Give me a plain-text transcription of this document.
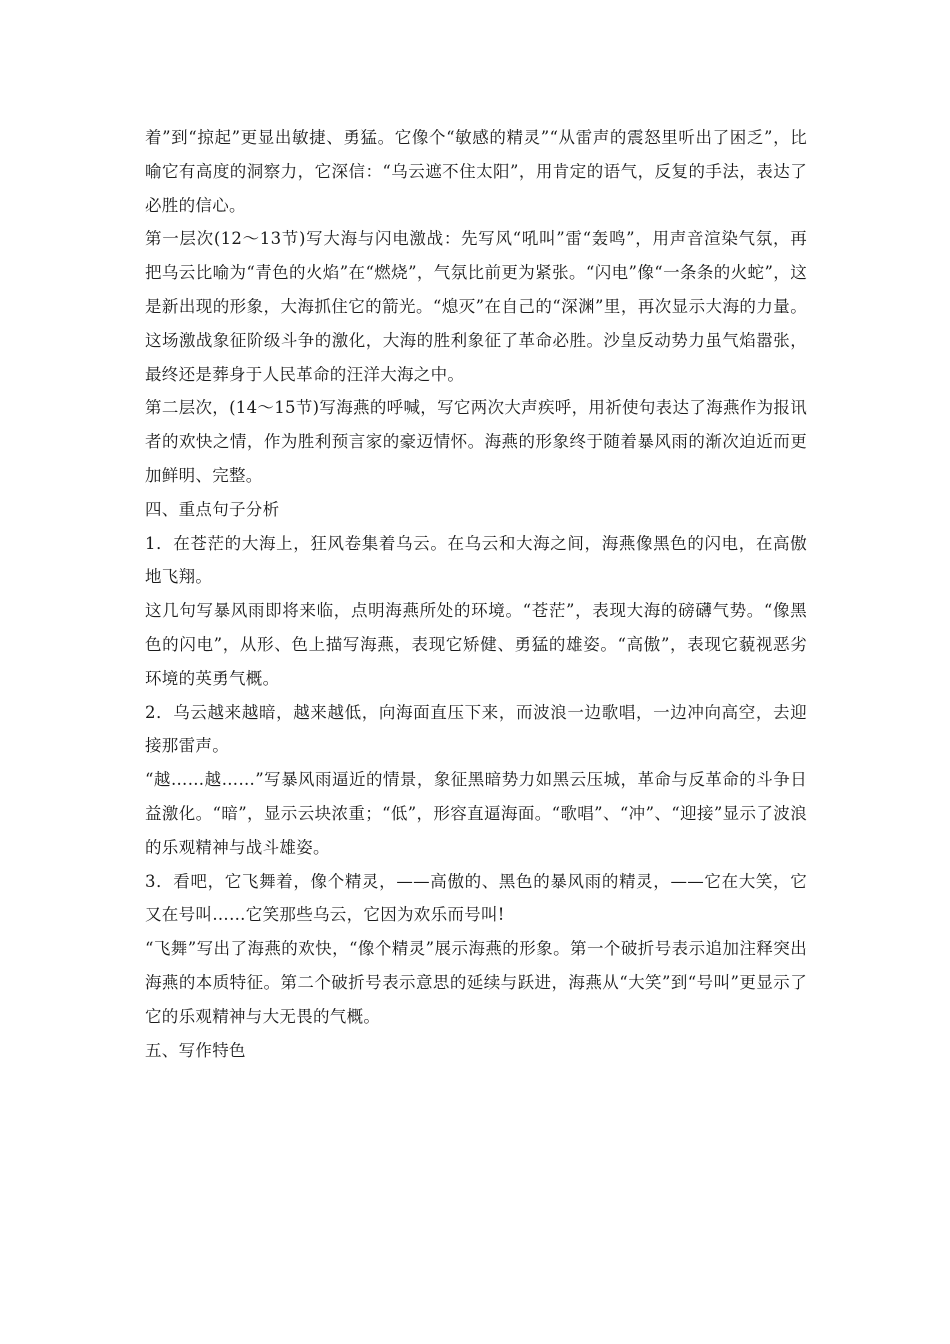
着”到“掠起”更显出敏捷、勇猛。它像个“敏感的精灵”“从雷声的震怒里听出了困乏”，比喻它有高度的洞察力，它深信：“乌云遮不住太阳”，用肯定的语气，反复的手法，表达了必胜的信心。

第一层次(12～13节)写大海与闪电激战：先写风“吼叫”雷“轰鸣”，用声音渲染气氛，再把乌云比喻为“青色的火焰”在“燃烧”，气氛比前更为紧张。“闪电”像“一条条的火蛇”，这是新出现的形象，大海抓住它的箭光。“熄灭”在自己的“深渊”里，再次显示大海的力量。这场激战象征阶级斗争的激化，大海的胜利象征了革命必胜。沙皇反动势力虽气焰嚣张，最终还是葬身于人民革命的汪洋大海之中。

第二层次，(14～15节)写海燕的呼喊，写它两次大声疾呼，用祈使句表达了海燕作为报讯者的欢快之情，作为胜利预言家的豪迈情怀。海燕的形象终于随着暴风雨的渐次迫近而更加鲜明、完整。

四、重点句子分析

1．在苍茫的大海上，狂风卷集着乌云。在乌云和大海之间，海燕像黑色的闪电，在高傲地飞翔。

这几句写暴风雨即将来临，点明海燕所处的环境。“苍茫”，表现大海的磅礴气势。“像黑色的闪电”，从形、色上描写海燕，表现它矫健、勇猛的雄姿。“高傲”，表现它藐视恶劣环境的英勇气概。

2．乌云越来越暗，越来越低，向海面直压下来，而波浪一边歌唱，一边冲向高空，去迎接那雷声。

“越……越……”写暴风雨逼近的情景，象征黑暗势力如黑云压城，革命与反革命的斗争日益激化。“暗”，显示云块浓重；“低”，形容直逼海面。“歌唱”、“冲”、“迎接”显示了波浪的乐观精神与战斗雄姿。

3．看吧，它飞舞着，像个精灵，——高傲的、黑色的暴风雨的精灵，——它在大笑，它又在号叫……它笑那些乌云，它因为欢乐而号叫!

“飞舞”写出了海燕的欢快，“像个精灵”展示海燕的形象。第一个破折号表示追加注释突出海燕的本质特征。第二个破折号表示意思的延续与跃进，海燕从“大笑”到“号叫”更显示了它的乐观精神与大无畏的气概。

五、写作特色
